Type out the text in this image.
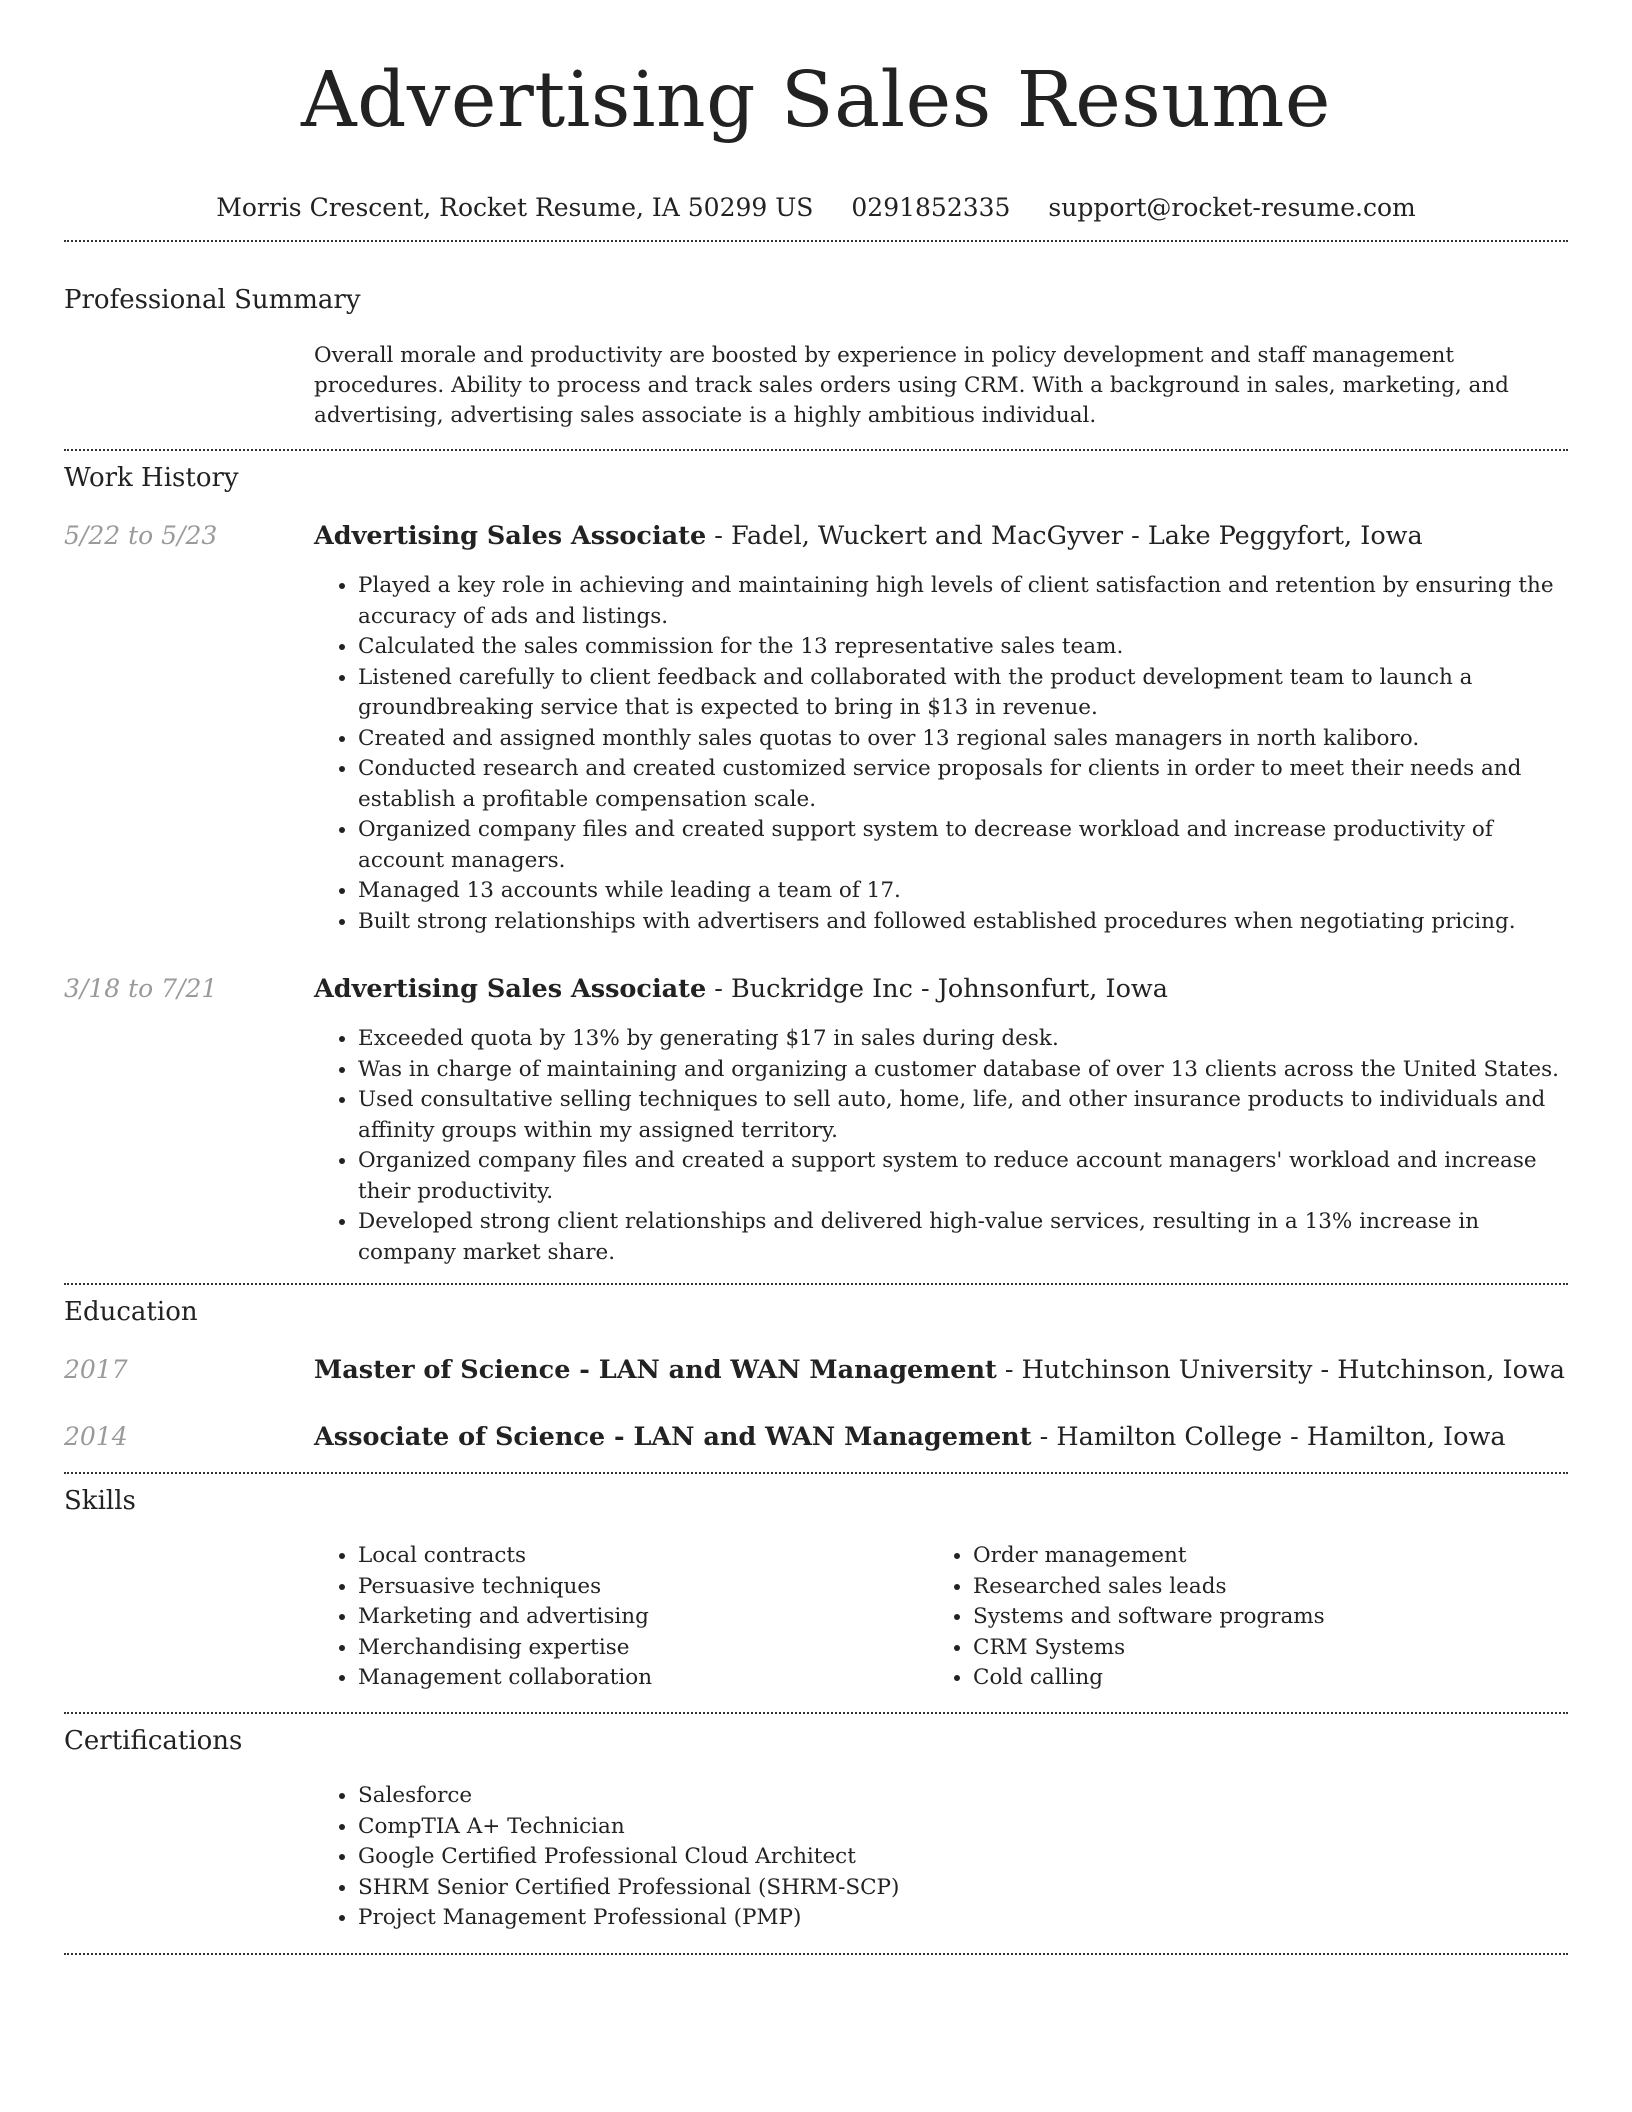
Advertising Sales Resume
Morris Crescent, Rocket Resume, IA 50299 US 0291852335 support@rocket-resume.com
Professional Summary

Overall morale and productivity are boosted by experience in policy development and staff management procedures. Ability to process and track sales orders using CRM. With a background in sales, marketing, and advertising, advertising sales associate is a highly ambitious individual.

Work History
5/22 to 5/23	Advertising Sales Associate - Fadel, Wuckert and MacGyver - Lake Peggyfort, Iowa
• Played a key role in achieving and maintaining high levels of client satisfaction and retention by ensuring the accuracy of ads and listings.
• Calculated the sales commission for the 13 representative sales team.
• Listened carefully to client feedback and collaborated with the product development team to launch a groundbreaking service that is expected to bring in $13 in revenue.
• Created and assigned monthly sales quotas to over 13 regional sales managers in north kaliboro.
• Conducted research and created customized service proposals for clients in order to meet their needs and establish a profitable compensation scale.
• Organized company files and created support system to decrease workload and increase productivity of account managers.
• Managed 13 accounts while leading a team of 17.
• Built strong relationships with advertisers and followed established procedures when negotiating pricing.
3/18 to 7/21	Advertising Sales Associate - Buckridge Inc - Johnsonfurt, Iowa
• Exceeded quota by 13% by generating $17 in sales during desk.
• Was in charge of maintaining and organizing a customer database of over 13 clients across the United States.
• Used consultative selling techniques to sell auto, home, life, and other insurance products to individuals and affinity groups within my assigned territory.
• Organized company files and created a support system to reduce account managers' workload and increase their productivity.
• Developed strong client relationships and delivered high-value services, resulting in a 13% increase in company market share.
Education
2017	Master of Science - LAN and WAN Management - Hutchinson University - Hutchinson, Iowa
2014	Associate of Science - LAN and WAN Management - Hamilton College - Hamilton, Iowa
Skills
• Local contracts
• Persuasive techniques
• Marketing and advertising
• Merchandising expertise
• Management collaboration
• Order management
• Researched sales leads
• Systems and software programs
• CRM Systems
• Cold calling
Certifications
• Salesforce
• CompTIA A+ Technician
• Google Certified Professional Cloud Architect
• SHRM Senior Certified Professional (SHRM-SCP)
• Project Management Professional (PMP)
